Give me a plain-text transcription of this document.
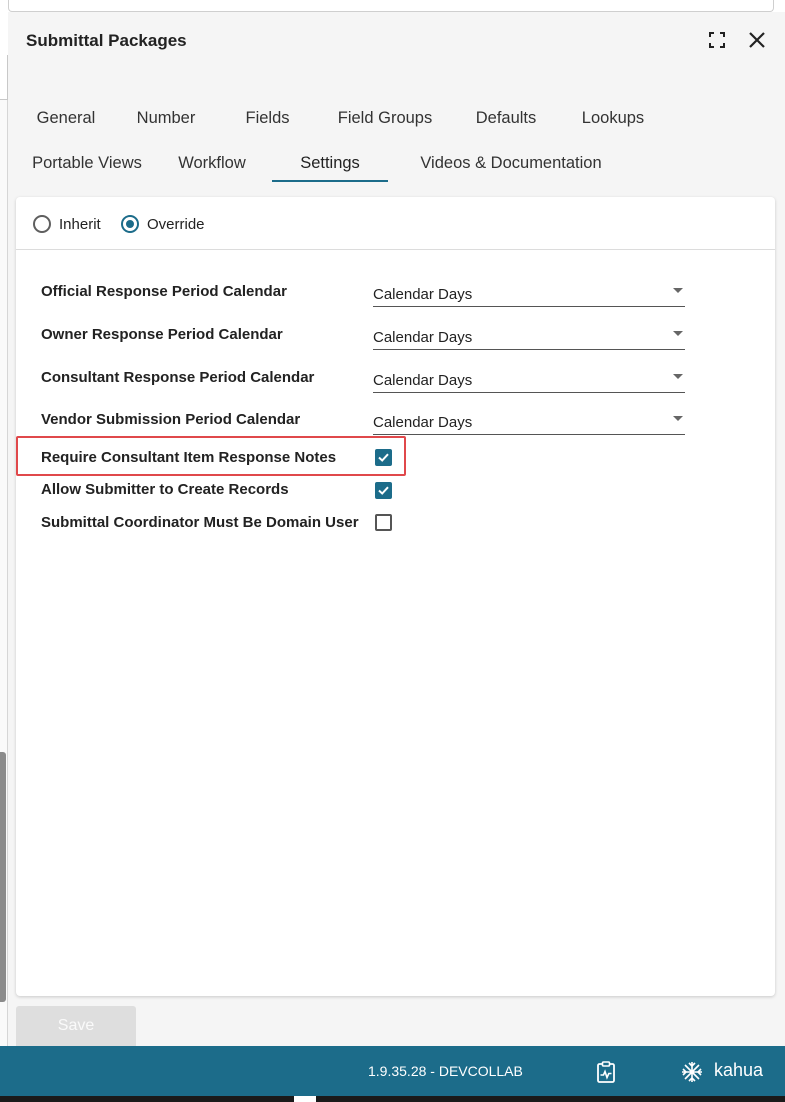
Submittal Packages
General	Number	Fields	Field Groups	Defaults	Lookups
Portable Views	Workflow	Settings	Videos & Documentation
Inherit	Override
Official Response Period Calendar	Calendar Days
Owner Response Period Calendar	Calendar Days
Consultant Response Period Calendar	Calendar Days
Vendor Submission Period Calendar	Calendar Days
Require Consultant Item Response Notes
Allow Submitter to Create Records
Submittal Coordinator Must Be Domain User
Save
1.9.35.28 - DEVCOLLAB	kahua
